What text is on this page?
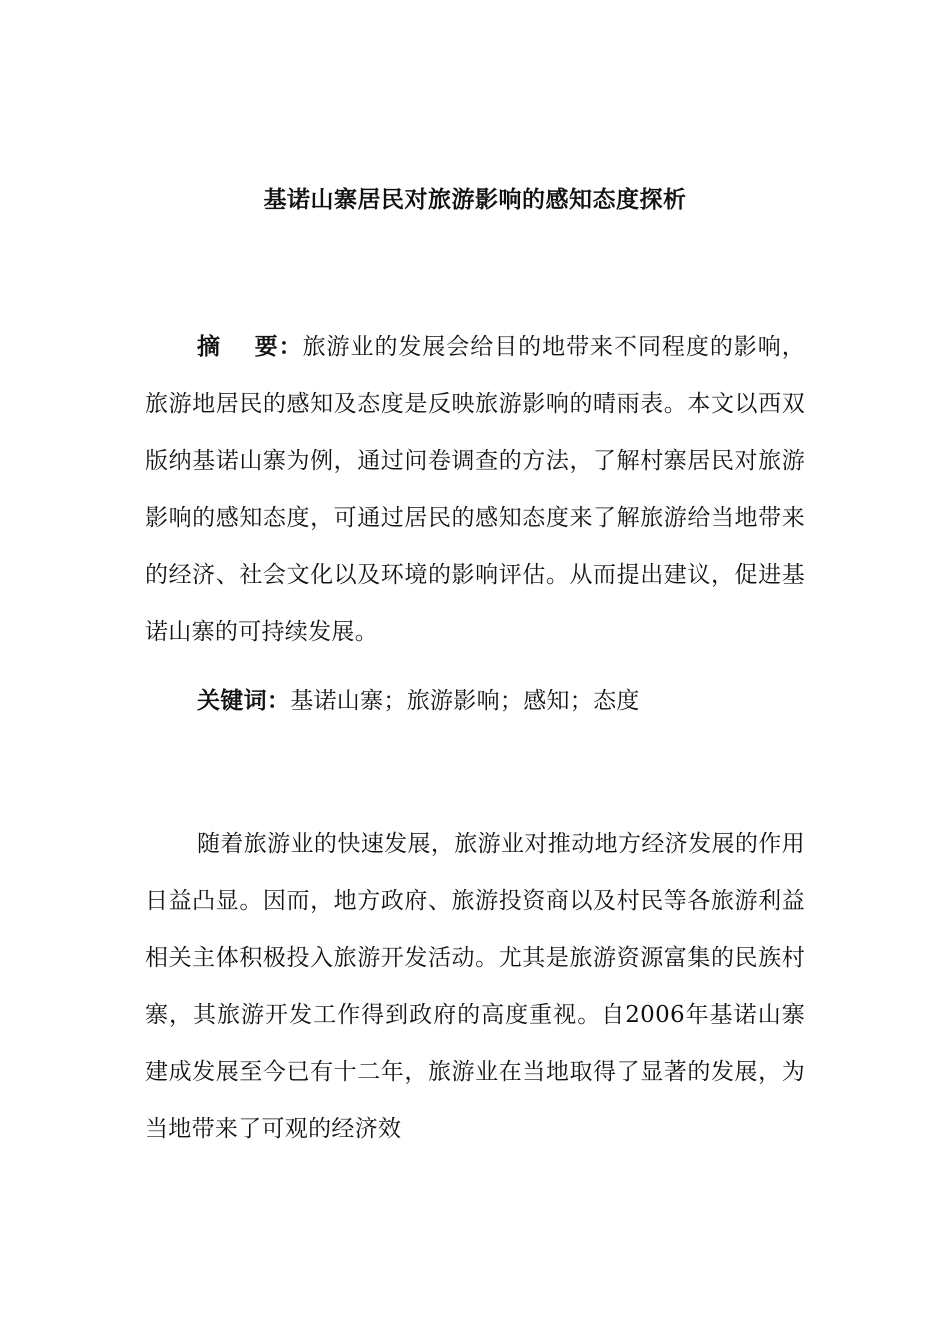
基诺山寨居民对旅游影响的感知态度探析

摘要：旅游业的发展会给目的地带来不同程度的影响，旅游地居民的感知及态度是反映旅游影响的晴雨表。本文以西双版纳基诺山寨为例，通过问卷调查的方法，了解村寨居民对旅游影响的感知态度，可通过居民的感知态度来了解旅游给当地带来的经济、社会文化以及环境的影响评估。从而提出建议，促进基诺山寨的可持续发展。

关键词：基诺山寨；旅游影响；感知；态度

随着旅游业的快速发展，旅游业对推动地方经济发展的作用日益凸显。因而，地方政府、旅游投资商以及村民等各旅游利益相关主体积极投入旅游开发活动。尤其是旅游资源富集的民族村寨，其旅游开发工作得到政府的高度重视。自2006年基诺山寨建成发展至今已有十二年，旅游业在当地取得了显著的发展，为当地带来了可观的经济效
